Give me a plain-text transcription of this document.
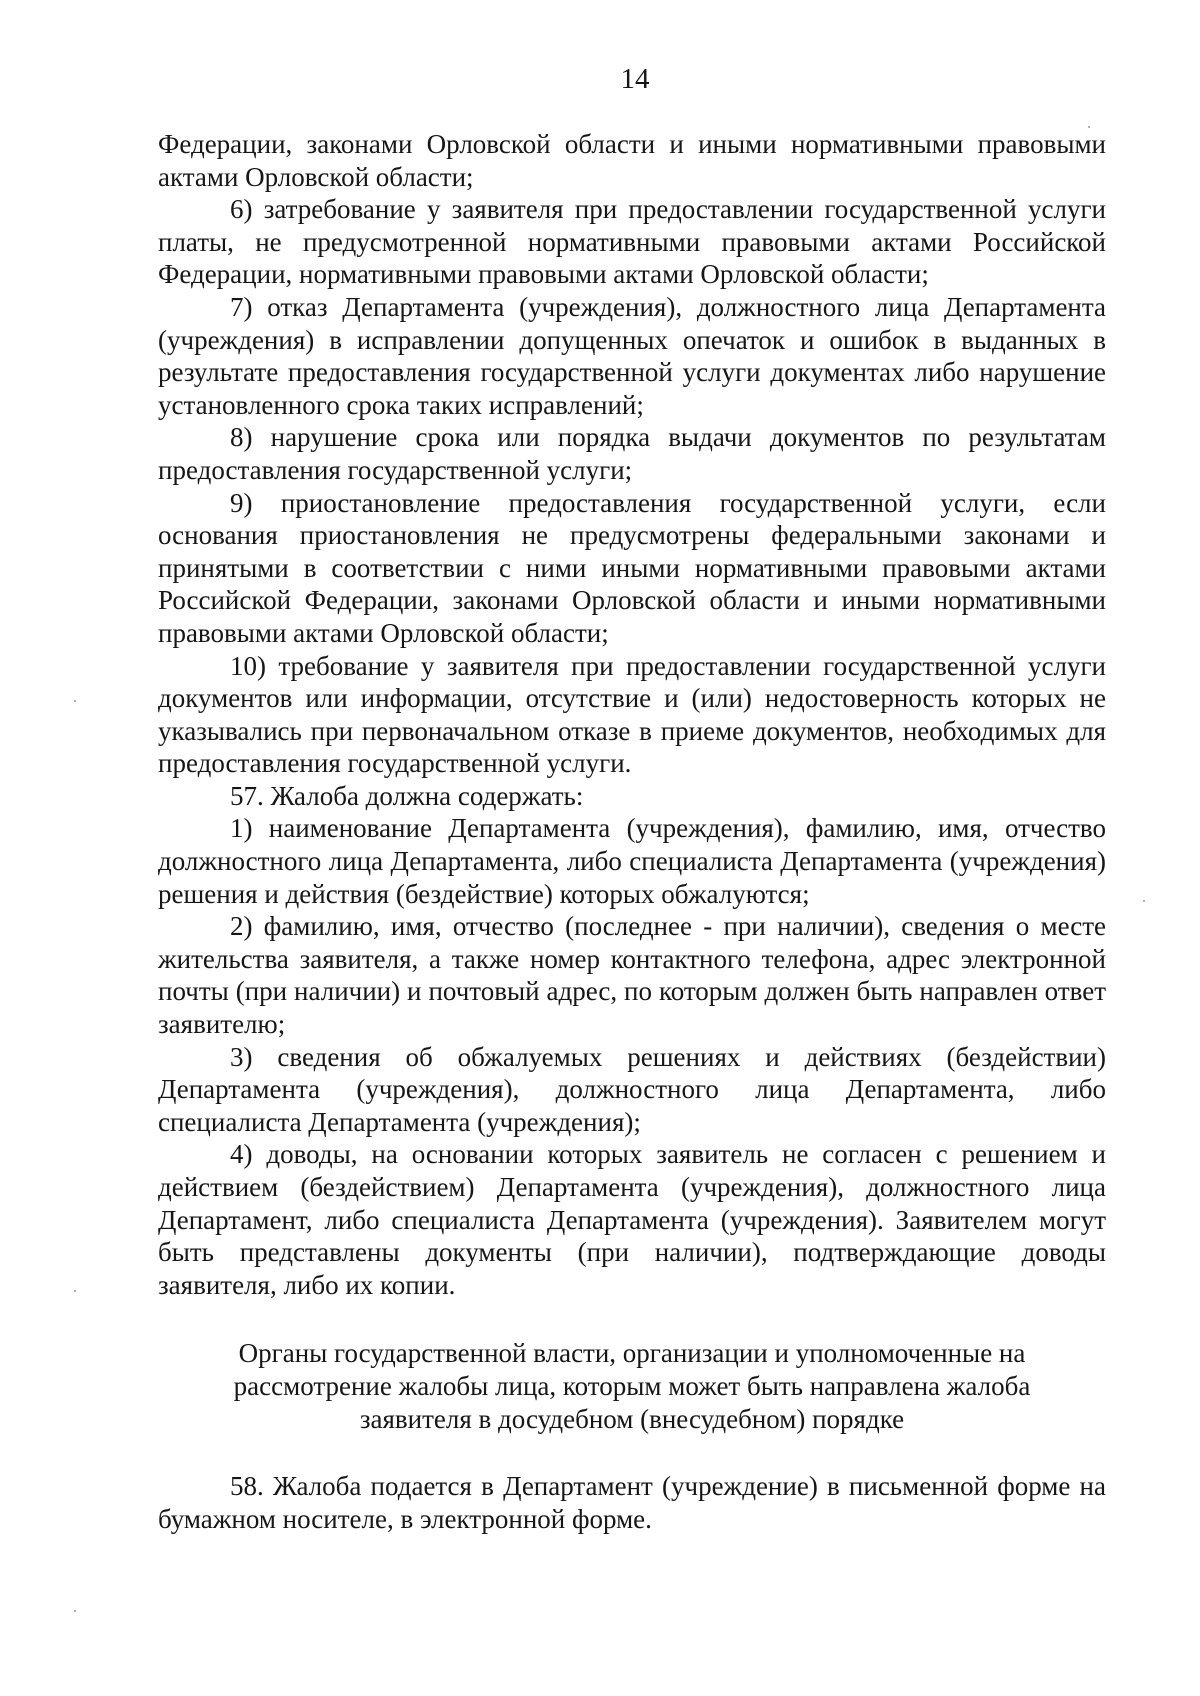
14

Федерации, законами Орловской области и иными нормативными правовыми актами Орловской области;

6) затребование у заявителя при предоставлении государственной услуги платы, не предусмотренной нормативными правовыми актами Российской Федерации, нормативными правовыми актами Орловской области;

7) отказ Департамента (учреждения), должностного лица Департамента (учреждения) в исправлении допущенных опечаток и ошибок в выданных в результате предоставления государственной услуги документах либо нарушение установленного срока таких исправлений;

8) нарушение срока или порядка выдачи документов по результатам предоставления государственной услуги;

9) приостановление предоставления государственной услуги, если основания приостановления не предусмотрены федеральными законами и принятыми в соответствии с ними иными нормативными правовыми актами Российской Федерации, законами Орловской области и иными нормативными правовыми актами Орловской области;

10) требование у заявителя при предоставлении государственной услуги документов или информации, отсутствие и (или) недостоверность которых не указывались при первоначальном отказе в приеме документов, необходимых для предоставления государственной услуги.

57. Жалоба должна содержать:

1) наименование Департамента (учреждения), фамилию, имя, отчество должностного лица Департамента, либо специалиста Департамента (учреждения) решения и действия (бездействие) которых обжалуются;

2) фамилию, имя, отчество (последнее - при наличии), сведения о месте жительства заявителя, а также номер контактного телефона, адрес электронной почты (при наличии) и почтовый адрес, по которым должен быть направлен ответ заявителю;

3) сведения об обжалуемых решениях и действиях (бездействии) Департамента (учреждения), должностного лица Департамента, либо специалиста Департамента (учреждения);

4) доводы, на основании которых заявитель не согласен с решением и действием (бездействием) Департамента (учреждения), должностного лица Департамент, либо специалиста Департамента (учреждения). Заявителем могут быть представлены документы (при наличии), подтверждающие доводы заявителя, либо их копии.

Органы государственной власти, организации и уполномоченные на рассмотрение жалобы лица, которым может быть направлена жалоба заявителя в досудебном (внесудебном) порядке

58. Жалоба подается в Департамент (учреждение) в письменной форме на бумажном носителе, в электронной форме.
